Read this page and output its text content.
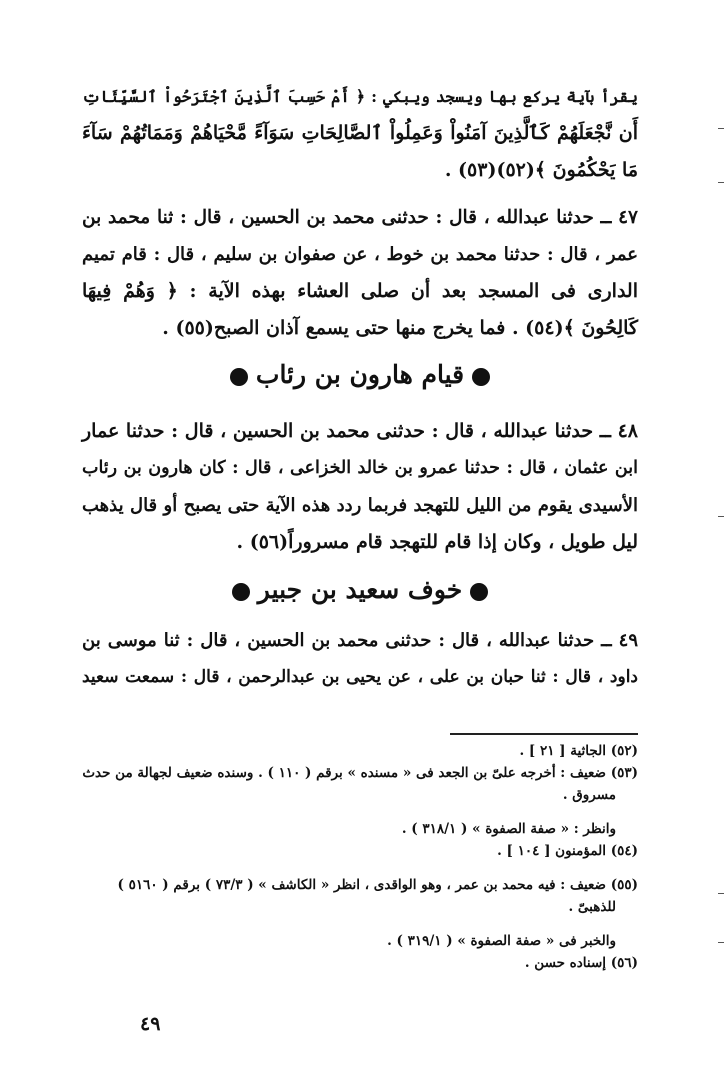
يقرأ بآية يركع بها ويسجد ويبكي : ﴿ أَمْ حَسِبَ ٱلَّذِينَ ٱجْتَرَحُواْ ٱلسَّيِّئَاتِ
أَن نَّجْعَلَهُمْ كَٱلَّذِينَ آمَنُواْ وَعَمِلُواْ ٱلصَّالِحَاتِ سَوَآءً مَّحْيَاهُمْ وَمَمَاتُهُمْ سَآءَ
مَا يَحْكُمُونَ ﴾(٥٢)(٥٣) .
٤٧ ــ حدثنا عبدالله ، قال : حدثنى محمد بن الحسين ، قال : ثنا محمد بن
عمر ، قال : حدثنا محمد بن خوط ، عن صفوان بن سليم ، قال : قام تميم
الدارى فى المسجد بعد أن صلى العشاء بهذه الآية : ﴿ وَهُمْ فِيهَا
كَالِحُونَ ﴾(٥٤) . فما يخرج منها حتى يسمع آذان الصبح(٥٥) .
قيام هارون بن رئاب
٤٨ ــ حدثنا عبدالله ، قال : حدثنى محمد بن الحسين ، قال : حدثنا عمار
ابن عثمان ، قال : حدثنا عمرو بن خالد الخزاعى ، قال : كان هارون بن رئاب
الأسيدى يقوم من الليل للتهجد فربما ردد هذه الآية حتى يصبح أو قال يذهب
ليل طويل ، وكان إذا قام للتهجد قام مسروراً(٥٦) .
خوف سعيد بن جبير
٤٩ ــ حدثنا عبدالله ، قال : حدثنى محمد بن الحسين ، قال : ثنا موسى بن
داود ، قال : ثنا حبان بن على ، عن يحيى بن عبدالرحمن ، قال : سمعت سعيد
(٥٢) الجاثية [ ٢١ ] .
(٥٣) ضعيف : أخرجه علىّ بن الجعد فى « مسنده » برقم ( ١١٠ ) . وسنده ضعيف لجهالة من حدث
مسروق .
وانظر : « صفة الصفوة » ( ٣١٨/١ ) .
(٥٤) المؤمنون [ ١٠٤ ] .
(٥٥) ضعيف : فيه محمد بن عمر ، وهو الواقدى ، انظر « الكاشف » ( ٧٣/٣ ) برقم ( ٥١٦٠ )
للذهبىّ .
والخبر فى « صفة الصفوة » ( ٣١٩/١ ) .
(٥٦) إسناده حسن .
٤٩
